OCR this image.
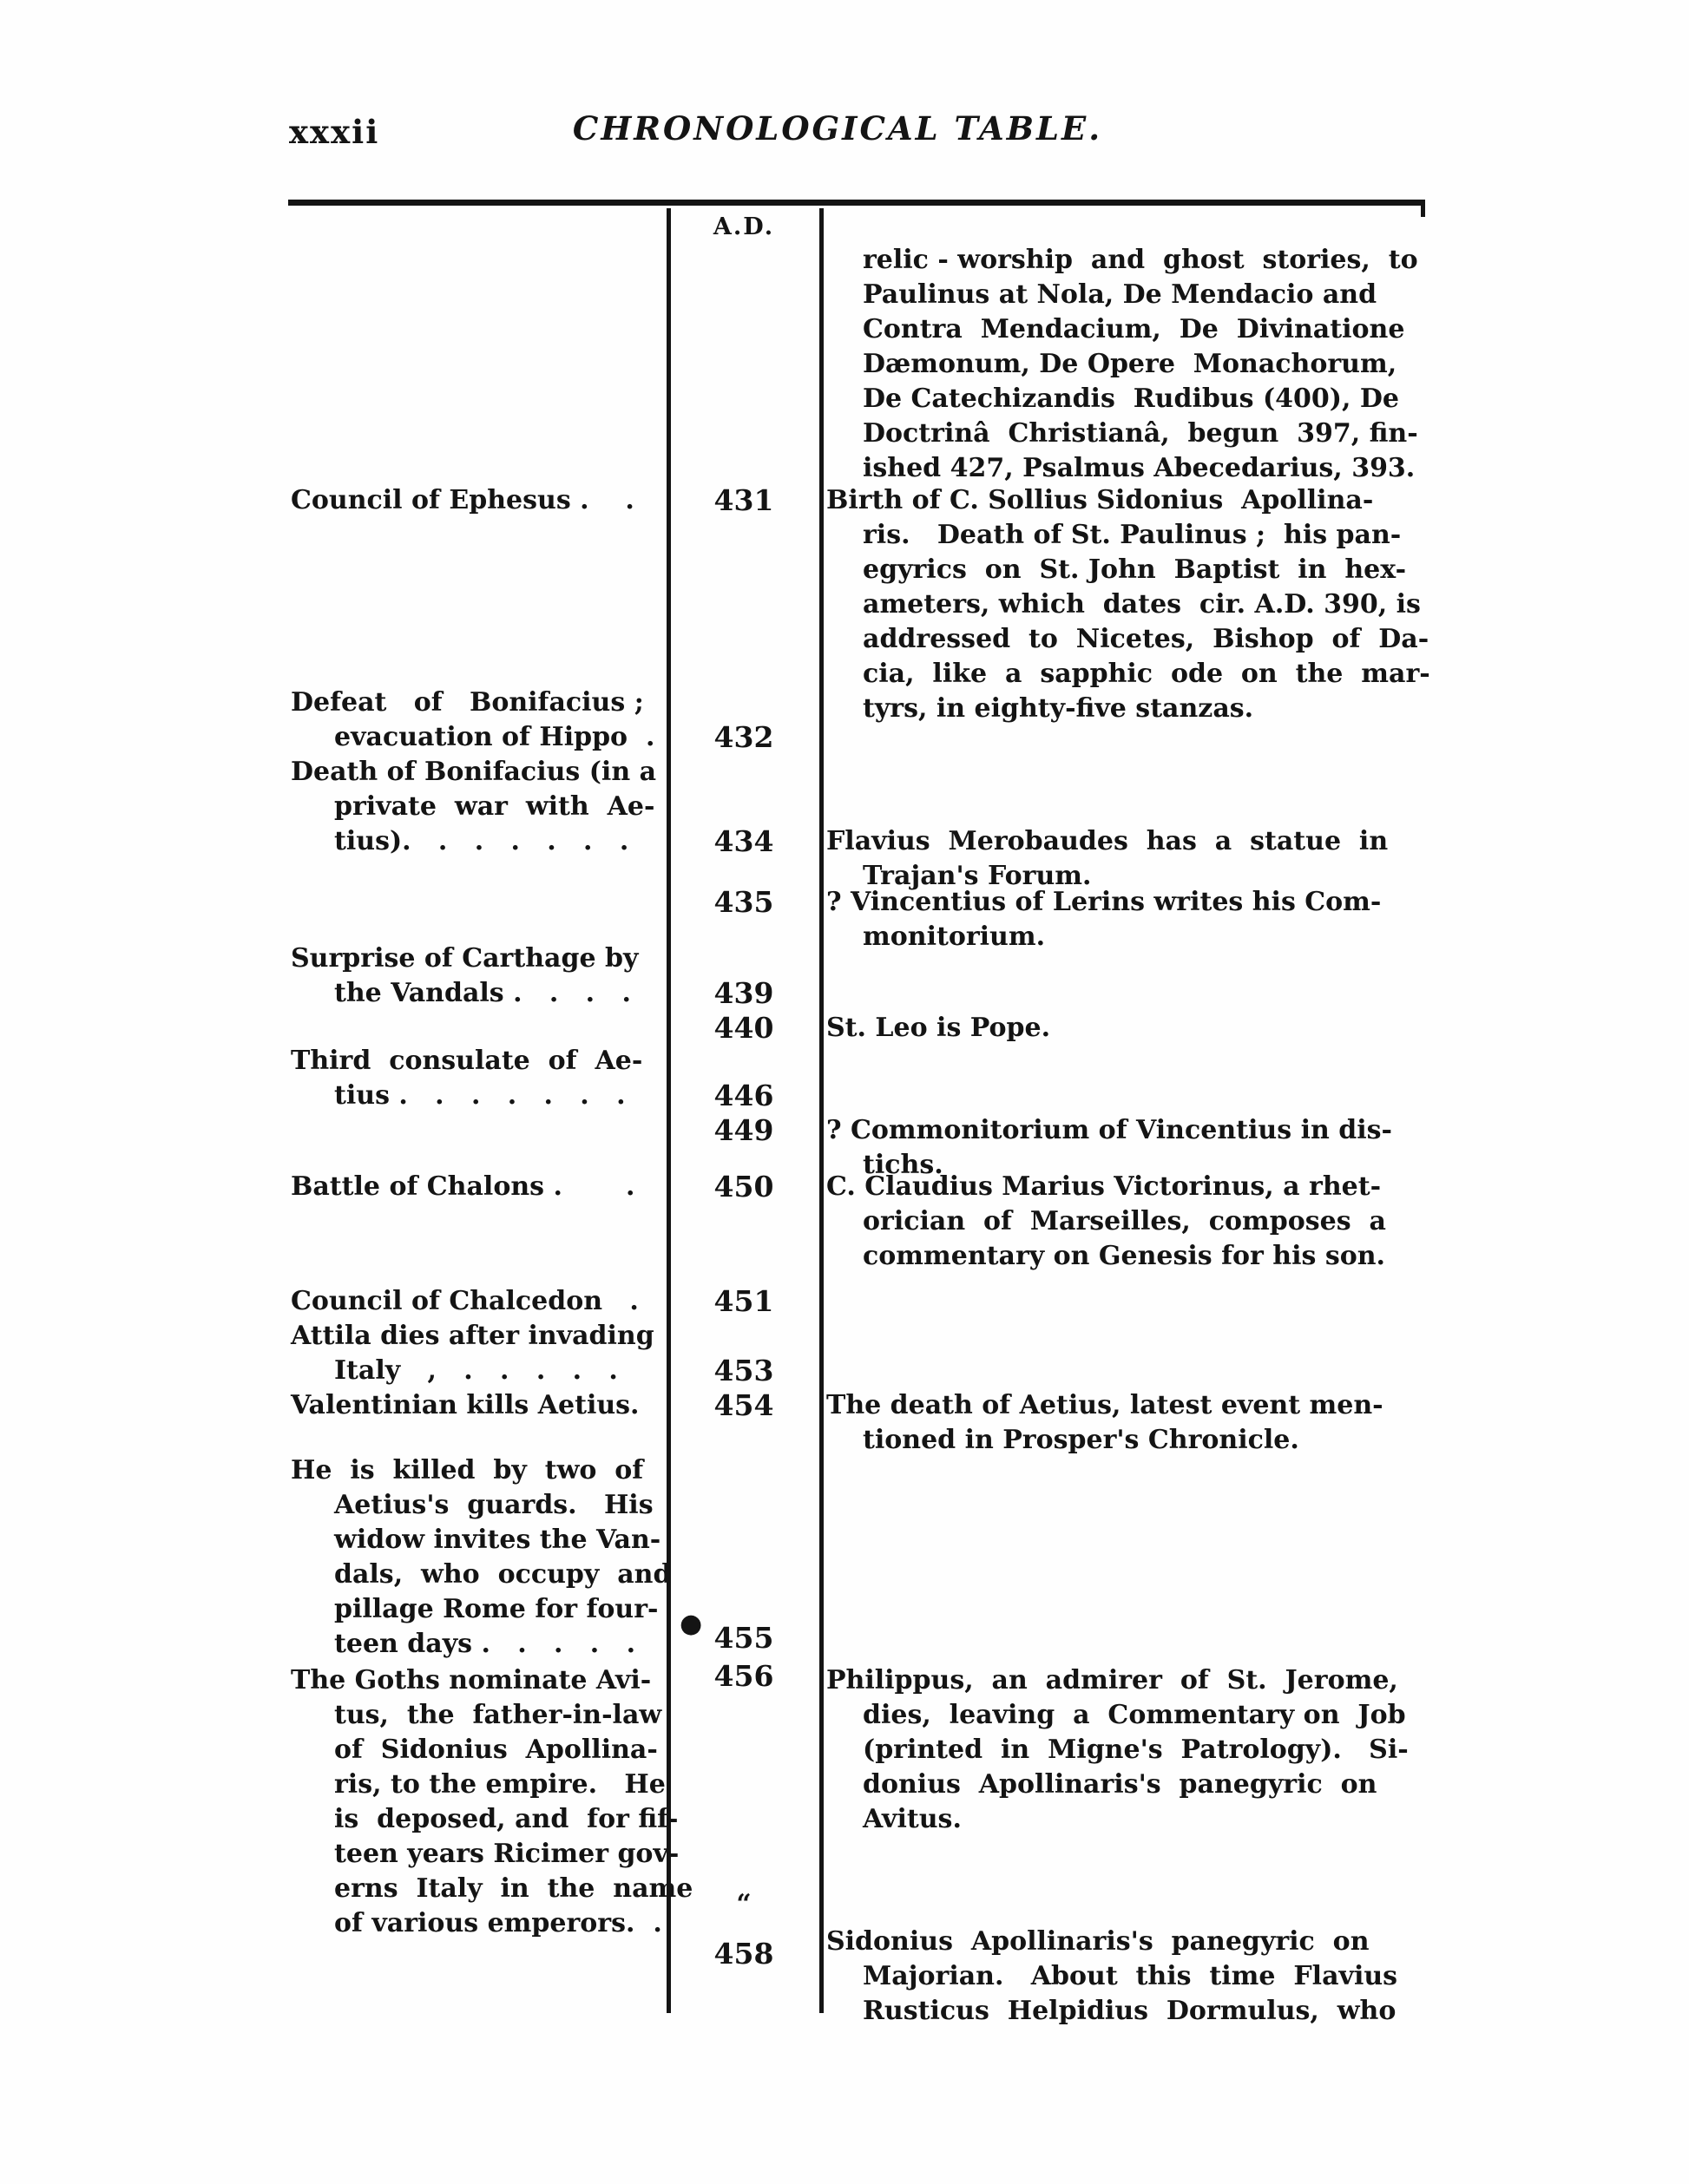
xxxii	CHRONOLOGICAL TABLE.
A.D.
Council of Ephesus .    .
Defeat   of   Bonifacius ;
evacuation of Hippo  .
Death of Bonifacius (in a
private  war  with  Ae-
tius).   .   .   .   .   .   .
Surprise of Carthage by
the Vandals .   .   .   .
Third  consulate  of  Ae-
tius .   .   .   .   .   .   .
Battle of Chalons .       .
Council of Chalcedon   .
Attila dies after invading
Italy   ,   .   .   .   .   .
Valentinian kills Aetius.
He  is  killed  by  two  of
Aetius's  guards.   His
widow invites the Van-
dals,  who  occupy  and
pillage Rome for four-
teen days .   .   .   .   .
The Goths nominate Avi-
tus,  the  father-in-law
of  Sidonius  Apollina-
ris, to the empire.   He
is  deposed, and  for fif-
teen years Ricimer gov-
erns  Italy  in  the  name
of various emperors.  .
431
432
434
435
439
440
446
449
450
451
453
454
● 455
456
“
458
relic - worship  and  ghost  stories,  to
Paulinus at Nola, De Mendacio and
Contra  Mendacium,  De  Divinatione
Dæmonum, De Opere  Monachorum,
De Catechizandis  Rudibus (400), De
Doctrinâ  Christianâ,  begun  397, fin-
ished 427, Psalmus Abecedarius, 393.
Birth of C. Sollius Sidonius  Apollina-
ris.   Death of St. Paulinus ;  his pan-
egyrics  on  St. John  Baptist  in  hex-
ameters, which  dates  cir. A.D. 390, is
addressed  to  Nicetes,  Bishop  of  Da-
cia,  like  a  sapphic  ode  on  the  mar-
tyrs, in eighty-five stanzas.
Flavius  Merobaudes  has  a  statue  in
Trajan's Forum.
? Vincentius of Lerins writes his Com-
monitorium.
St. Leo is Pope.
? Commonitorium of Vincentius in dis-
tichs.
C. Claudius Marius Victorinus, a rhet-
orician  of  Marseilles,  composes  a
commentary on Genesis for his son.
The death of Aetius, latest event men-
tioned in Prosper's Chronicle.
Philippus,  an  admirer  of  St.  Jerome,
dies,  leaving  a  Commentary on  Job
(printed  in  Migne's  Patrology).   Si-
donius  Apollinaris's  panegyric  on
Avitus.
Sidonius  Apollinaris's  panegyric  on
Majorian.   About  this  time  Flavius
Rusticus  Helpidius  Dormulus,  who
